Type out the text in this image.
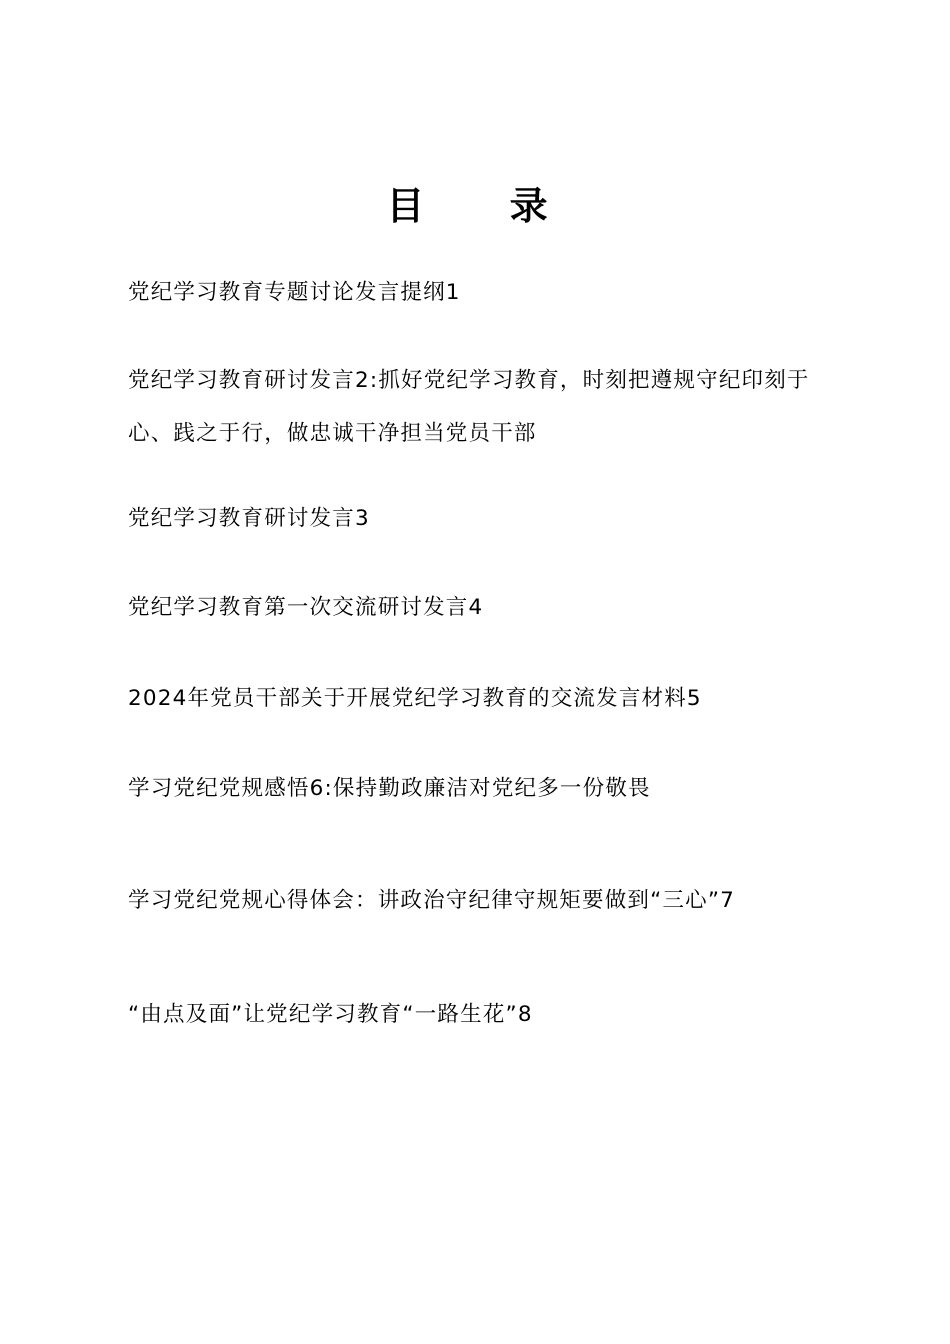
目 录
党纪学习教育专题讨论发言提纲1
党纪学习教育研讨发言2:抓好党纪学习教育，时刻把遵规守纪印刻于心、践之于行，做忠诚干净担当党员干部
党纪学习教育研讨发言3
党纪学习教育第一次交流研讨发言4
2024年党员干部关于开展党纪学习教育的交流发言材料5
学习党纪党规感悟6:保持勤政廉洁对党纪多一份敬畏
学习党纪党规心得体会：讲政治守纪律守规矩要做到“三心”7
“由点及面”让党纪学习教育“一路生花”8
